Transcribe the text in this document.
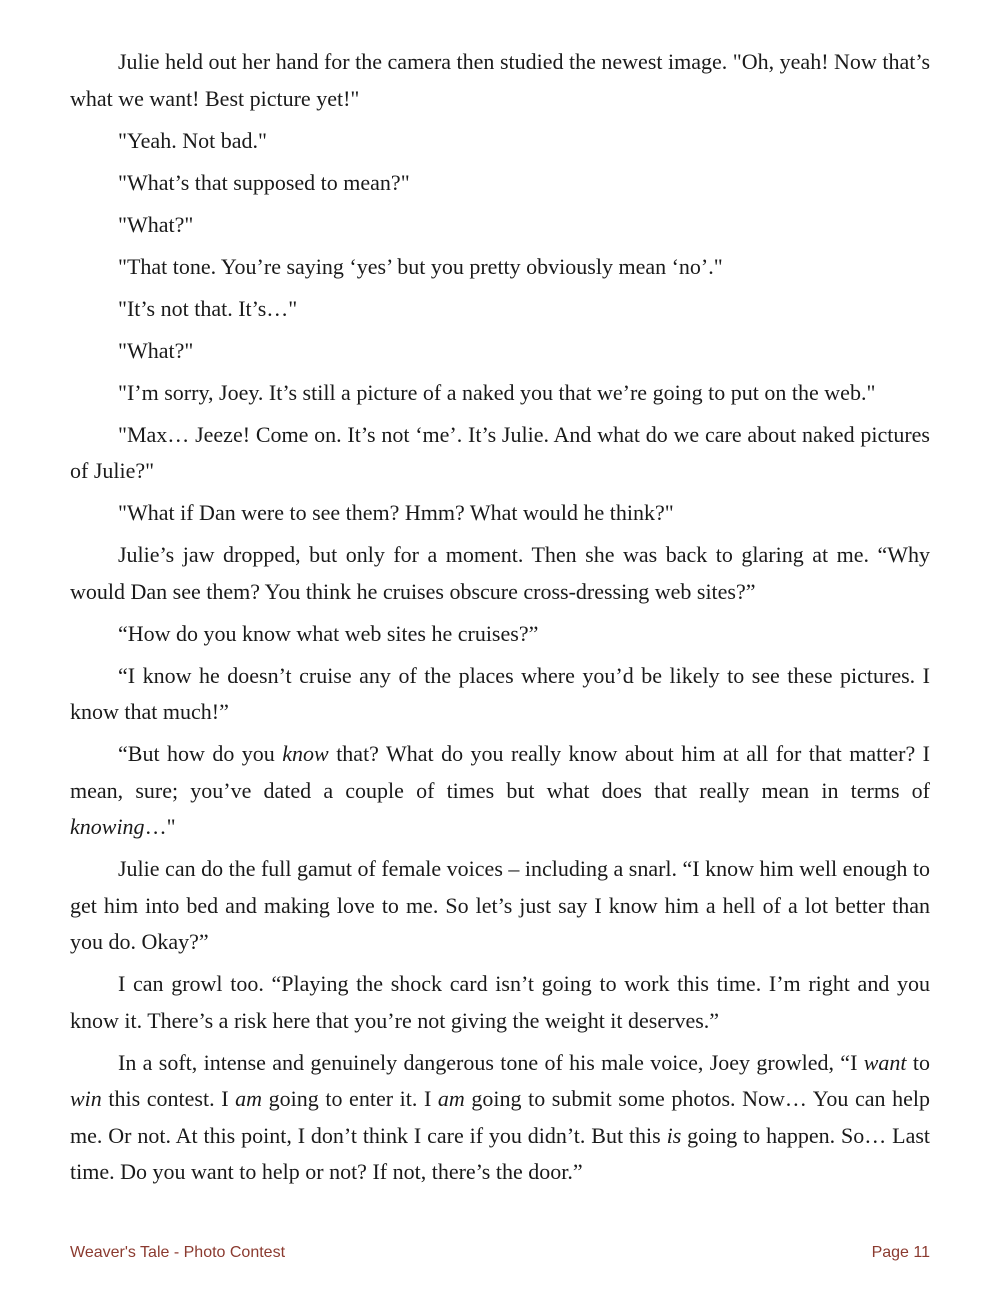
Julie held out her hand for the camera then studied the newest image. "Oh, yeah! Now that’s what we want! Best picture yet!"

"Yeah. Not bad."

"What’s that supposed to mean?"

"What?"

"That tone. You’re saying ‘yes’ but you pretty obviously mean ‘no’."

"It’s not that. It’s…"

"What?"

"I’m sorry, Joey. It’s still a picture of a naked you that we’re going to put on the web."

"Max… Jeeze! Come on. It’s not ‘me’. It’s Julie. And what do we care about naked pictures of Julie?"

"What if Dan were to see them? Hmm? What would he think?"

Julie’s jaw dropped, but only for a moment. Then she was back to glaring at me. “Why would Dan see them? You think he cruises obscure cross-dressing web sites?”

“How do you know what web sites he cruises?”

“I know he doesn’t cruise any of the places where you’d be likely to see these pictures. I know that much!”

“But how do you know that? What do you really know about him at all for that matter? I mean, sure; you’ve dated a couple of times but what does that really mean in terms of knowing…"

Julie can do the full gamut of female voices – including a snarl. “I know him well enough to get him into bed and making love to me. So let’s just say I know him a hell of a lot better than you do. Okay?”

I can growl too. “Playing the shock card isn’t going to work this time. I’m right and you know it. There’s a risk here that you’re not giving the weight it deserves.”

In a soft, intense and genuinely dangerous tone of his male voice, Joey growled, “I want to win this contest. I am going to enter it. I am going to submit some photos. Now… You can help me. Or not. At this point, I don’t think I care if you didn’t. But this is going to happen. So… Last time. Do you want to help or not? If not, there’s the door.”

Weaver's Tale - Photo Contest	Page 11
